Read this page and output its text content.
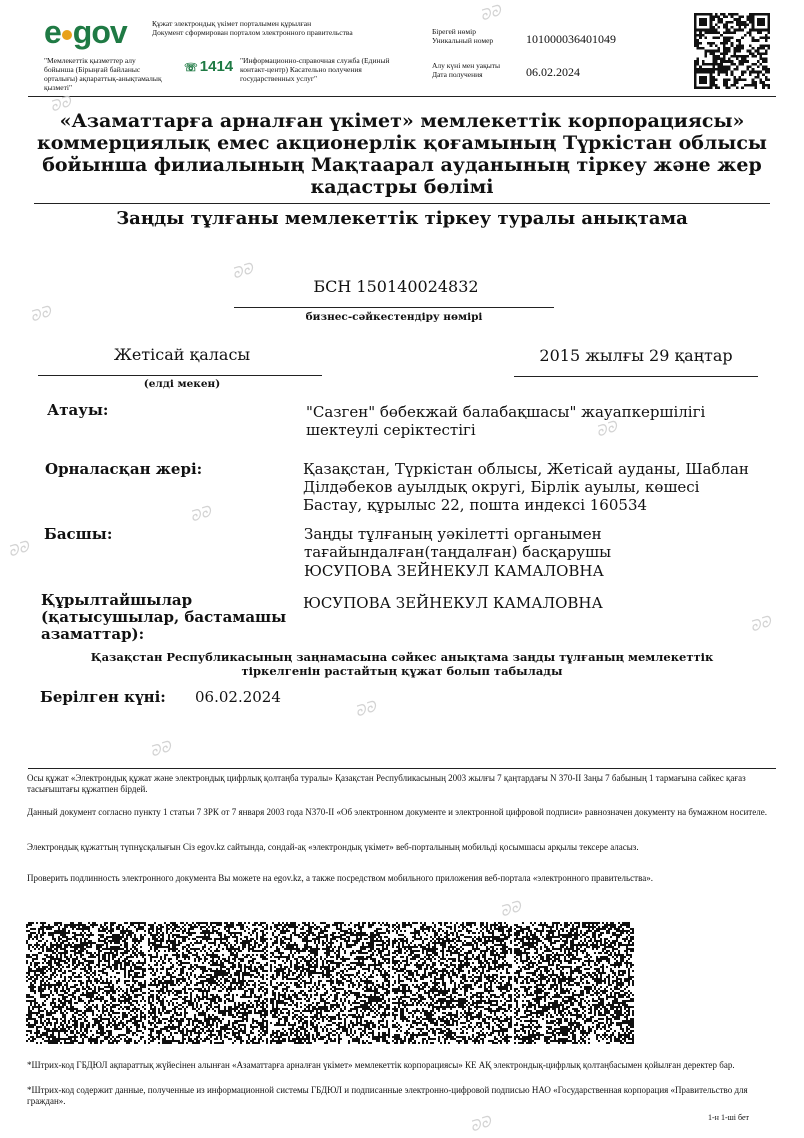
e gov	Құжат электрондық үкімет порталымен құрылған
Документ сформирован порталом электронного правительства
"Мемлекеттік қызметтер алу бойынша (Бірыңғай байланыс орталығы) ақпараттық-анықтамалық қызметі"
☏ 1414 "Информационно-справочная служба (Единый контакт-центр) Касательно получения государственных услуг"
Бірегей нөмір
Уникальный номер	101000036401049
Алу күні мен уақыты
Дата получения	06.02.2024
«Азаматтарға арналған үкімет» мемлекеттік корпорациясы» коммерциялық емес акционерлік қоғамының Түркістан облысы бойынша филиалының Мақтаарал ауданының тіркеу және жер кадастры бөлімі
Заңды тұлғаны мемлекеттік тіркеу туралы анықтама
БСН 150140024832
бизнес-сәйкестендіру нөмірі
Жетісай қаласы
(елді мекен)
2015 жылғы 29 қаңтар
Атауы:	"Сазген" бөбекжай балабақшасы" жауапкершілігі шектеулі серіктестігі
Орналасқан жері:	Қазақстан, Түркістан облысы, Жетісай ауданы, Шаблан Ділдәбеков ауылдық округі, Бірлік ауылы, көшесі Бастау, құрылыс 22, пошта индексі 160534
Басшы:	Заңды тұлғаның уәкілетті органымен тағайындалған(таңдалған) басқарушы
ЮСУПОВА ЗЕЙНЕКУЛ КАМАЛОВНА
Құрылтайшылар (қатысушылар, бастамашы азаматтар):
ЮСУПОВА ЗЕЙНЕКУЛ КАМАЛОВНА
Қазақстан Республикасының заңнамасына сәйкес анықтама заңды тұлғаның мемлекеттік тіркелгенін растайтың құжат болып табылады
Берілген күні: 06.02.2024
Осы құжат «Электрондық құжат және электрондық цифрлық қолтаңба туралы» Қазақстан Республикасының 2003 жылғы 7 қаңтардағы N 370-II Заңы 7 бабының 1 тармағына сәйкес қағаз тасығыштағы құжатпен бірдей.
Данный документ согласно пункту 1 статьи 7 ЗРК от 7 января 2003 года N370-II «Об электронном документе и электронной цифровой подписи» равнозначен документу на бумажном носителе.
Электрондық құжаттың түпнұсқалығын Сіз egov.kz сайтында, сондай-ақ «электрондық үкімет» веб-порталының мобильді қосымшасы арқылы тексере аласыз.
Проверить подлинность электронного документа Вы можете на egov.kz, а также посредством мобильного приложения веб-портала «электронного правительства».
*Штрих-код ГБДЮЛ ақпараттық жүйесінен алынған «Азаматтарға арналған үкімет» мемлекеттік корпорациясы» КЕ АҚ электрондық-цифрлық қолтаңбасымен қойылған деректер бар.
*Штрих-код содержит данные, полученные из информационной системы ГБДЮЛ и подписанные электронно-цифровой подписью НАО «Государственная корпорация «Правительство для граждан».
1-н 1-ші бет
ᘐᘐ
ᘐᘐ
ᘐᘐ
ᘐᘐ
ᘐᘐ
ᘐᘐ
ᘐᘐ
ᘐᘐ
ᘐᘐ
ᘐᘐ
ᘐᘐ
ᘐᘐ
